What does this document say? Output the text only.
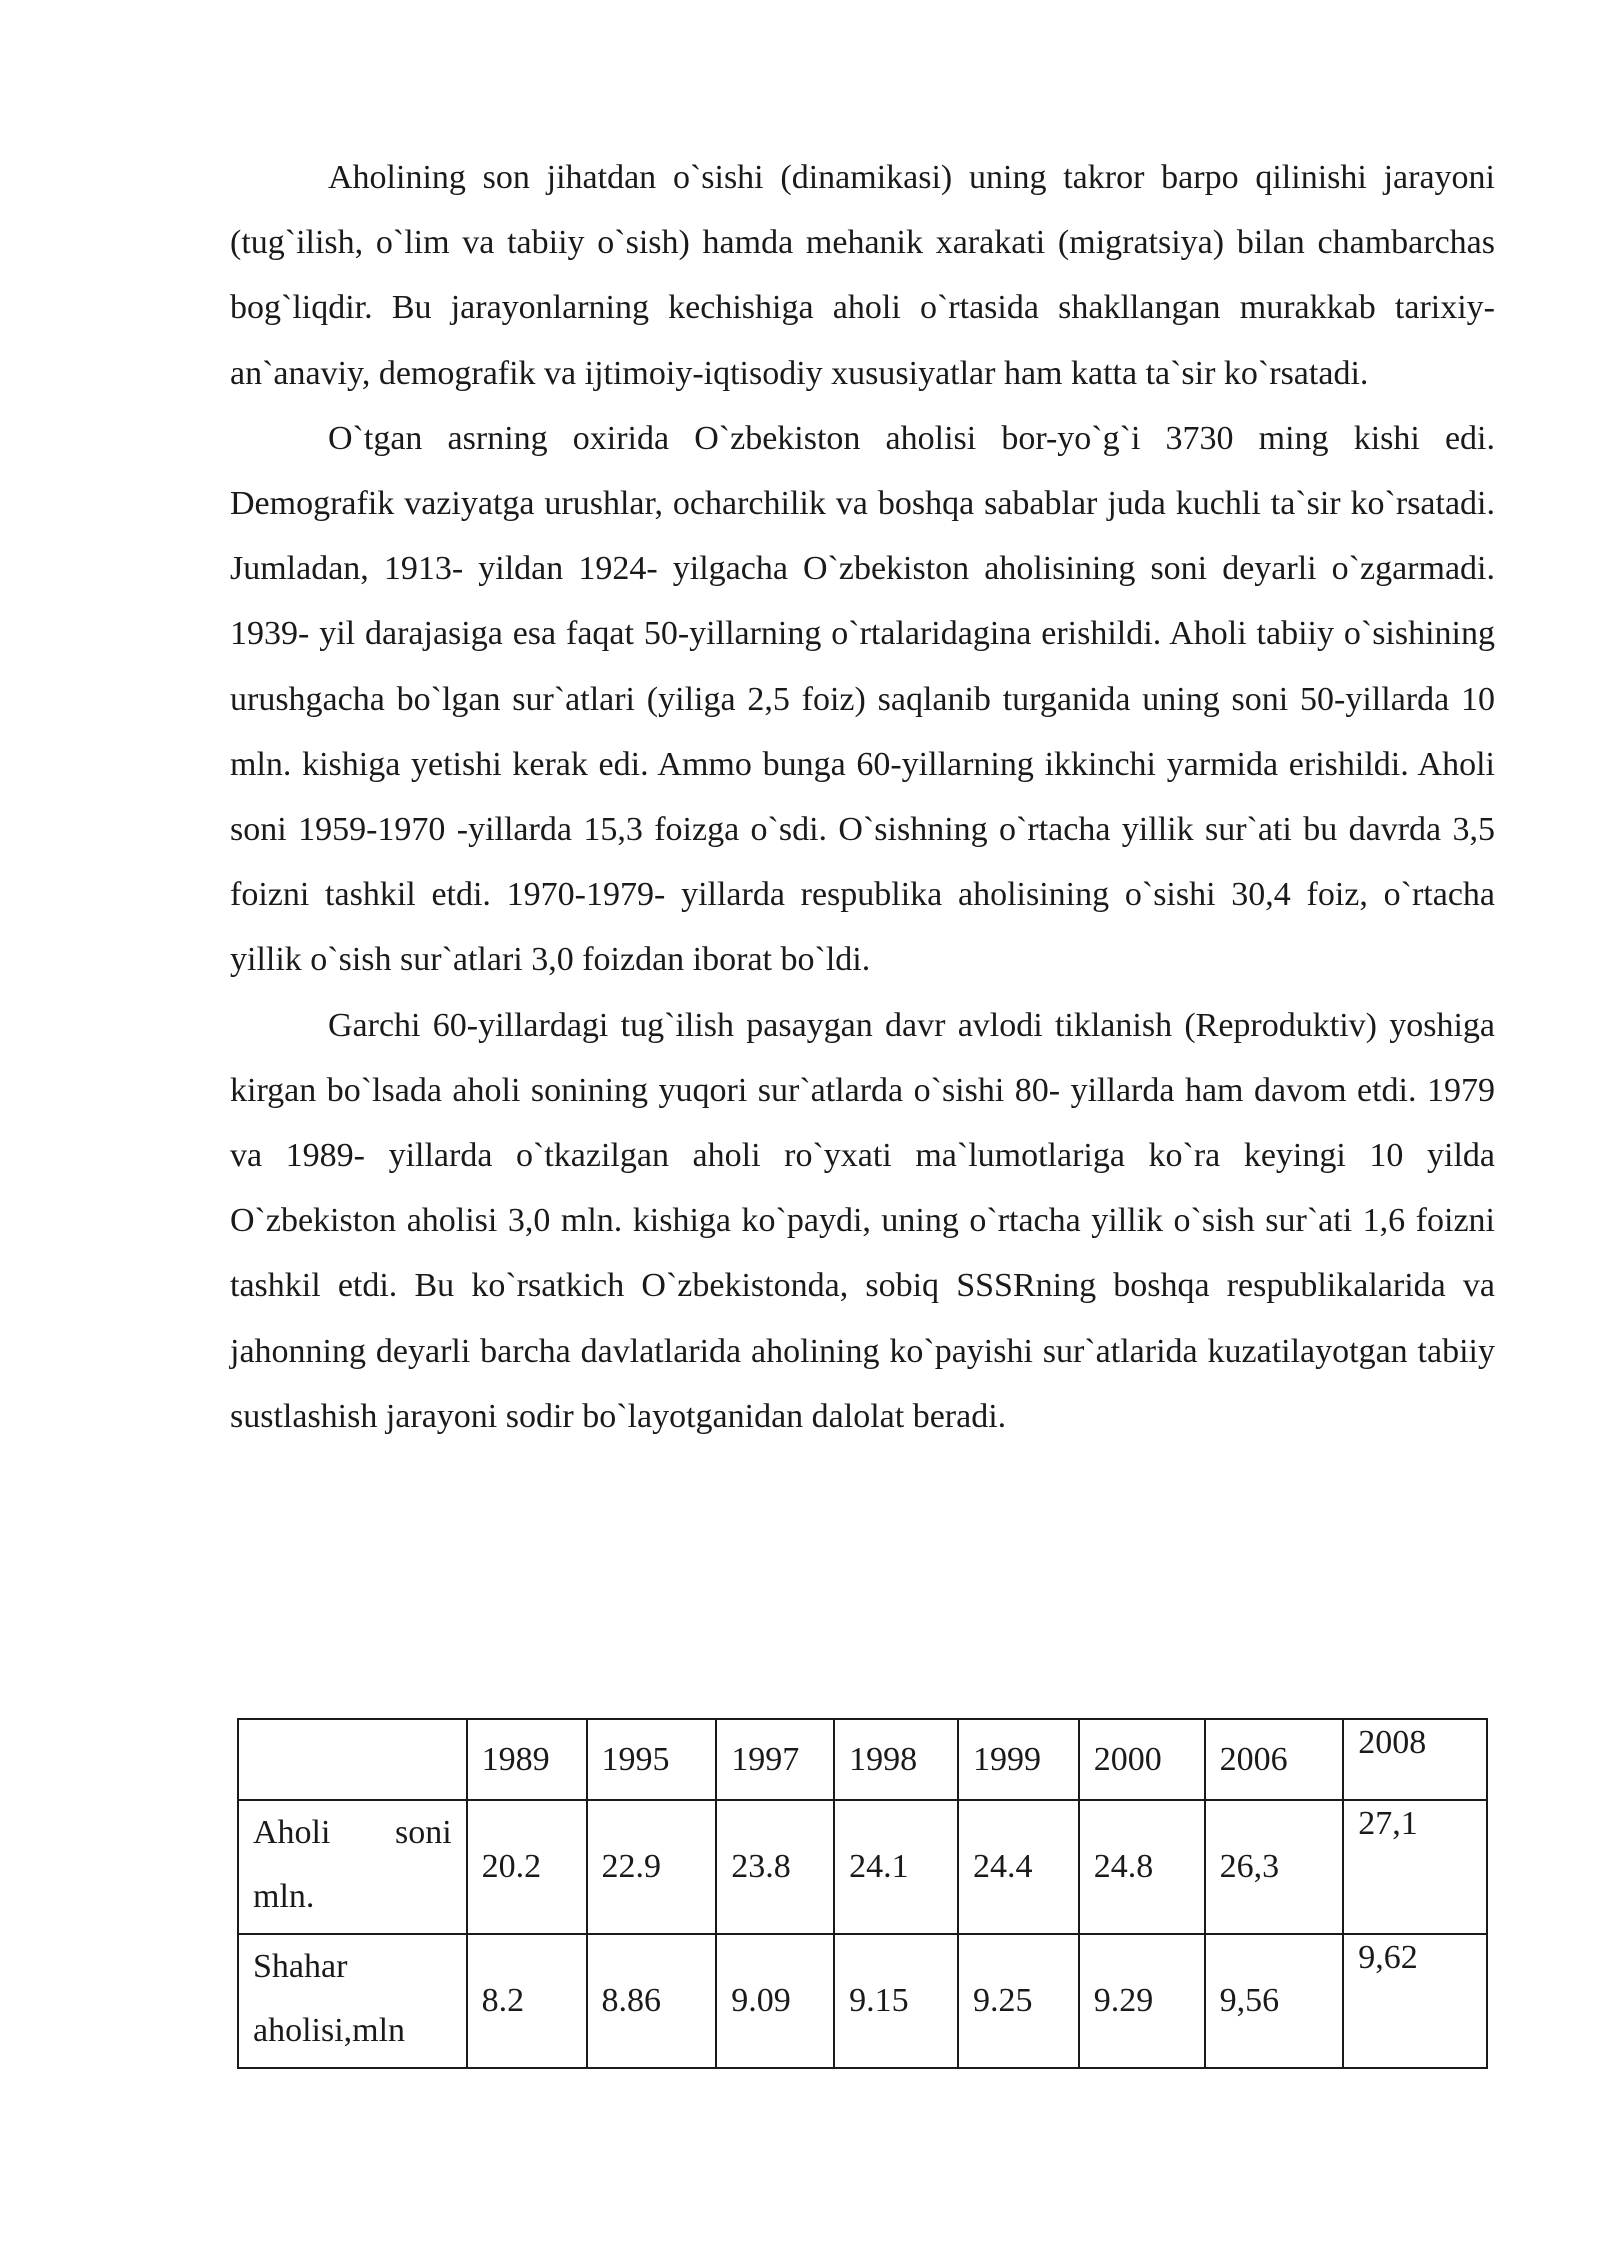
Aholining son jihatdan o`sishi (dinamikasi) uning takror barpo qilinishi jarayoni (tug`ilish, o`lim va tabiiy o`sish) hamda mehanik xarakati (migratsiya) bilan chambarchas bog`liqdir. Bu jarayonlarning kechishiga aholi o`rtasida shakllangan murakkab tarixiy-an`anaviy, demografik va ijtimoiy-iqtisodiy xususiyatlar ham katta ta`sir ko`rsatadi.

O`tgan asrning oxirida O`zbekiston aholisi bor-yo`g`i 3730 ming kishi edi. Demografik vaziyatga urushlar, ocharchilik va boshqa sabablar juda kuchli ta`sir ko`rsatadi. Jumladan, 1913- yildan 1924- yilgacha O`zbekiston aholisining soni deyarli o`zgarmadi. 1939- yil darajasiga esa faqat 50-yillarning o`rtalaridagina erishildi. Aholi tabiiy o`sishining urushgacha bo`lgan sur`atlari (yiliga 2,5 foiz) saqlanib turganida uning soni 50-yillarda 10 mln. kishiga yetishi kerak edi. Ammo bunga 60-yillarning ikkinchi yarmida erishildi. Aholi soni 1959-1970 -yillarda 15,3 foizga o`sdi. O`sishning o`rtacha yillik sur`ati bu davrda 3,5 foizni tashkil etdi. 1970-1979- yillarda respublika aholisining o`sishi 30,4 foiz, o`rtacha yillik o`sish sur`atlari 3,0 foizdan iborat bo`ldi.

Garchi 60-yillardagi tug`ilish pasaygan davr avlodi tiklanish (Reproduktiv) yoshiga kirgan bo`lsada aholi sonining yuqori sur`atlarda o`sishi 80- yillarda ham davom etdi. 1979 va 1989- yillarda o`tkazilgan aholi ro`yxati ma`lumotlariga ko`ra keyingi 10 yilda O`zbekiston aholisi 3,0 mln. kishiga ko`paydi, uning o`rtacha yillik o`sish sur`ati 1,6 foizni tashkil etdi. Bu ko`rsatkich O`zbekistonda, sobiq SSSRning boshqa respublikalarida va jahonning deyarli barcha davlatlarida aholining ko`payishi sur`atlarida kuzatilayotgan tabiiy sustlashish jarayoni sodir bo`layotganidan dalolat beradi.

	1989	1995	1997	1998	1999	2000	2006	2008

Aholi soni
mln.	20.2	22.9	23.8	24.1	24.4	24.8	26,3	27,1

Shahar
aholisi,mln	8.2	8.86	9.09	9.15	9.25	9.29	9,56	9,62
